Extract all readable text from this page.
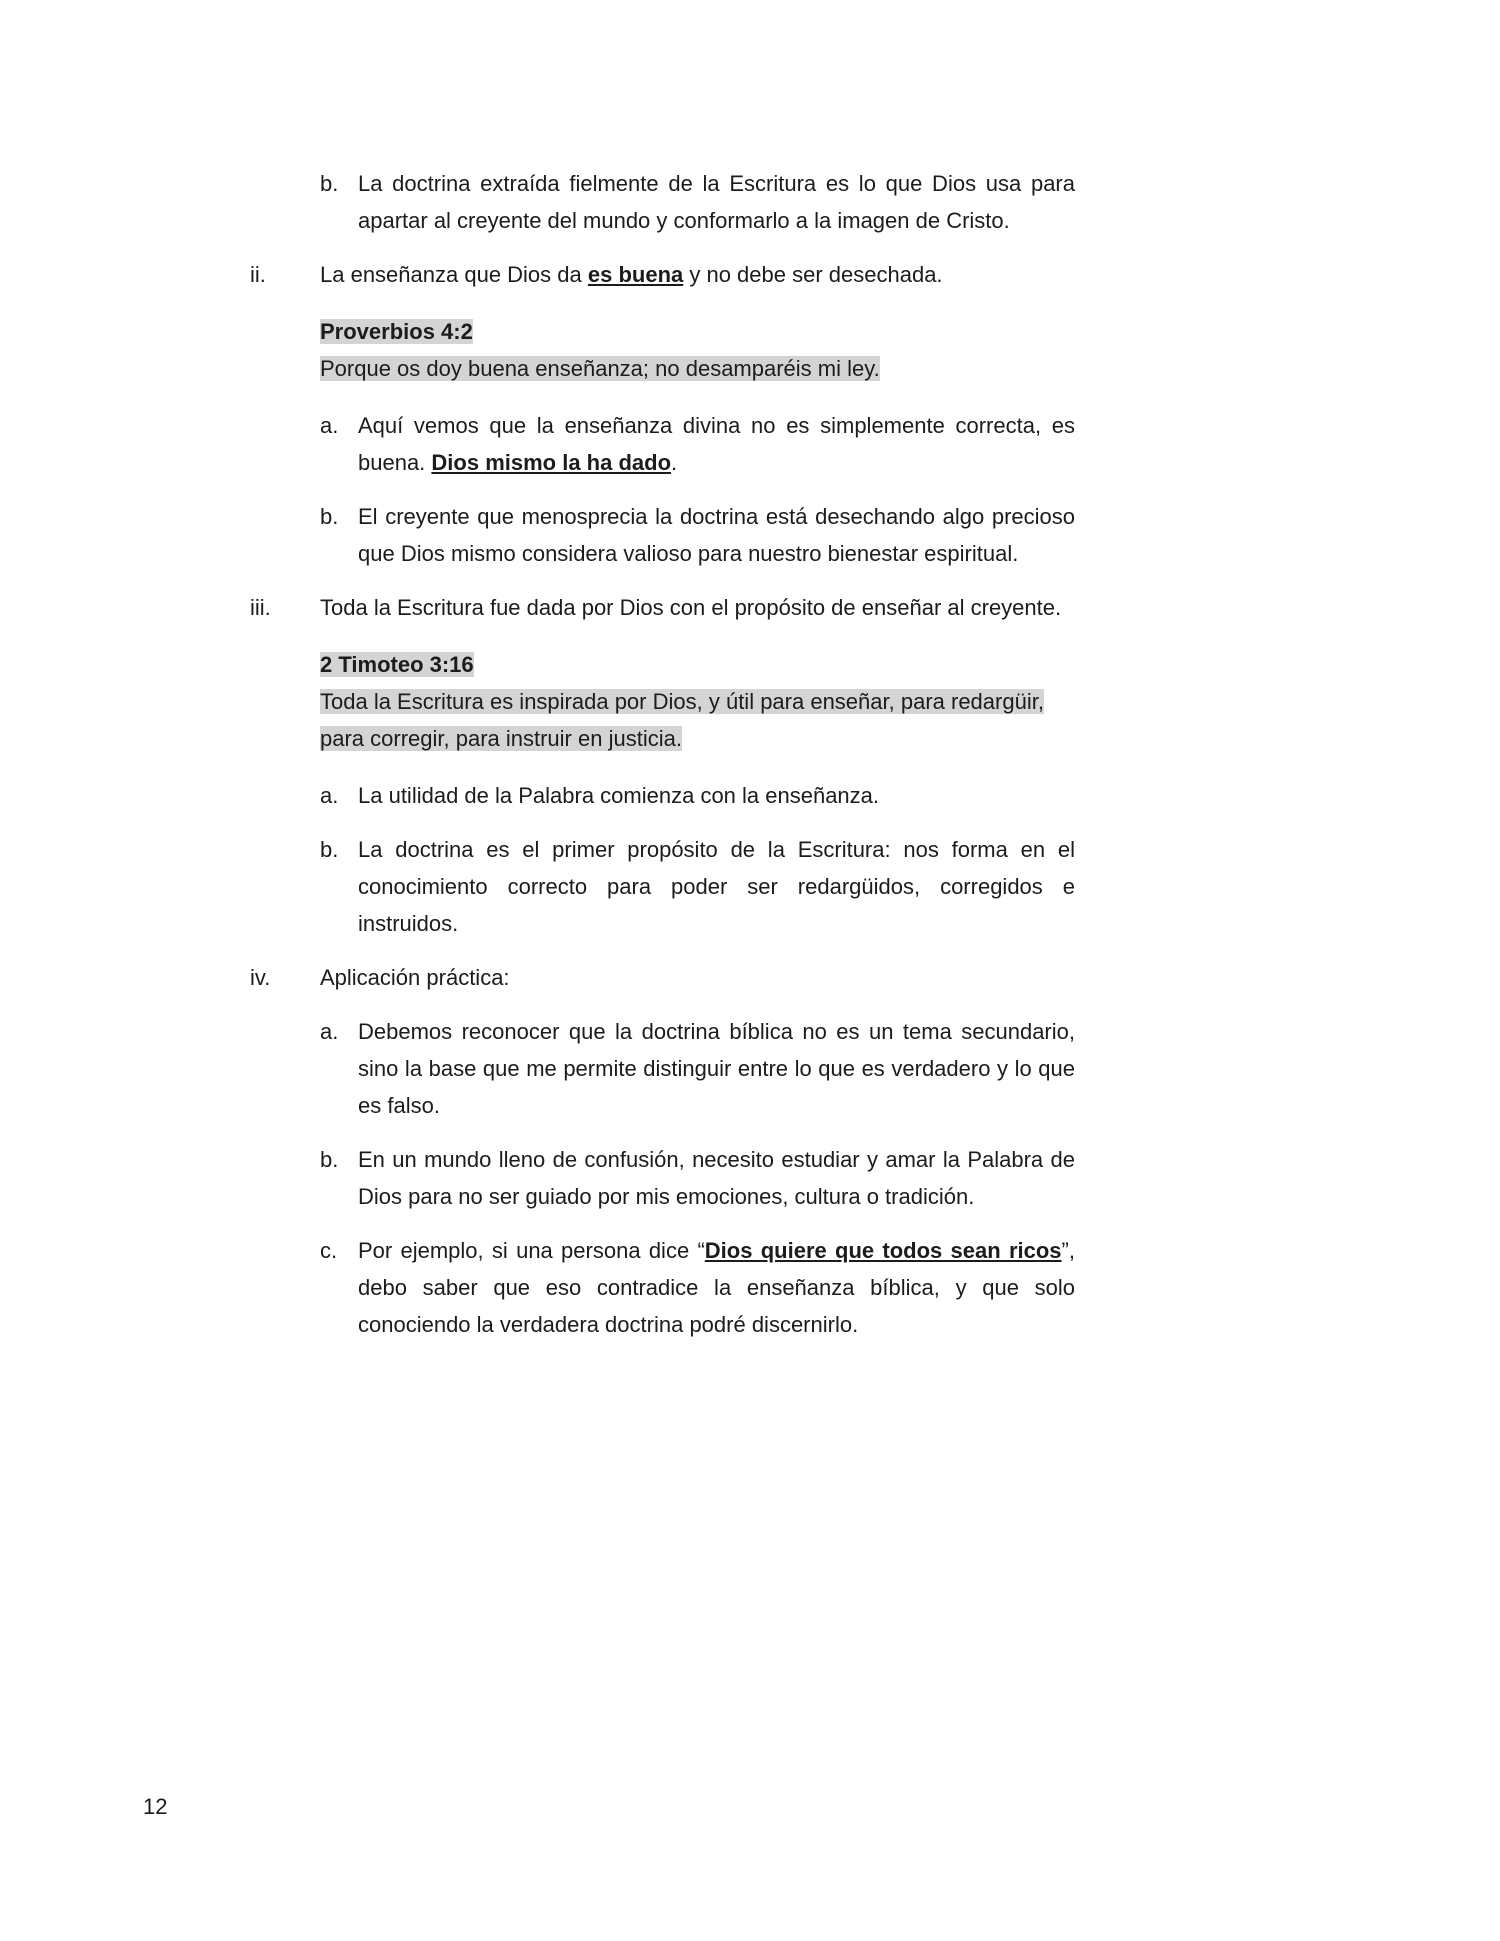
b. La doctrina extraída fielmente de la Escritura es lo que Dios usa para apartar al creyente del mundo y conformarlo a la imagen de Cristo.
ii. La enseñanza que Dios da es buena y no debe ser desechada.
Proverbios 4:2
Porque os doy buena enseñanza; no desamparéis mi ley.
a. Aquí vemos que la enseñanza divina no es simplemente correcta, es buena. Dios mismo la ha dado.
b. El creyente que menosprecia la doctrina está desechando algo precioso que Dios mismo considera valioso para nuestro bienestar espiritual.
iii. Toda la Escritura fue dada por Dios con el propósito de enseñar al creyente.
2 Timoteo 3:16
Toda la Escritura es inspirada por Dios, y útil para enseñar, para redargüir, para corregir, para instruir en justicia.
a. La utilidad de la Palabra comienza con la enseñanza.
b. La doctrina es el primer propósito de la Escritura: nos forma en el conocimiento correcto para poder ser redargüidos, corregidos e instruidos.
iv. Aplicación práctica:
a. Debemos reconocer que la doctrina bíblica no es un tema secundario, sino la base que me permite distinguir entre lo que es verdadero y lo que es falso.
b. En un mundo lleno de confusión, necesito estudiar y amar la Palabra de Dios para no ser guiado por mis emociones, cultura o tradición.
c. Por ejemplo, si una persona dice “Dios quiere que todos sean ricos”, debo saber que eso contradice la enseñanza bíblica, y que solo conociendo la verdadera doctrina podré discernirlo.
12
